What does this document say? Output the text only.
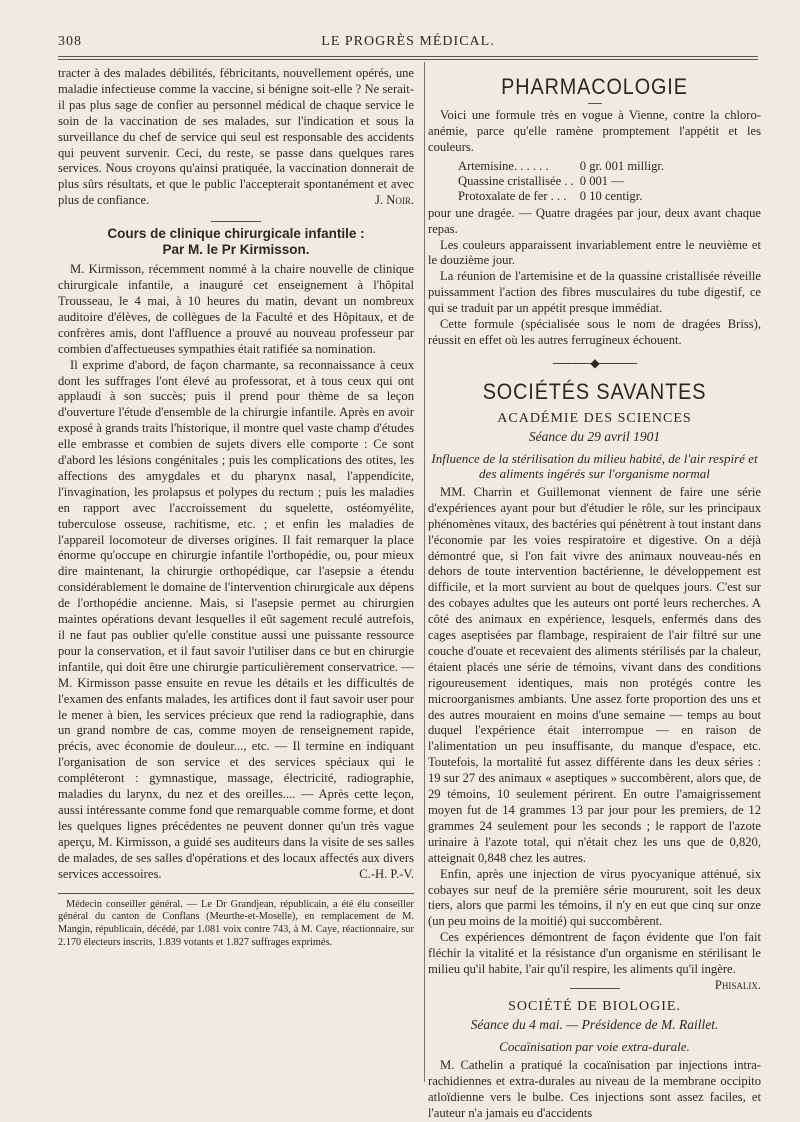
308	LE PROGRÈS MÉDICAL.

tracter à des malades débilités, fébricitants, nouvellement opérés, une maladie infectieuse comme la vaccine, si bénigne soit-elle ? Ne serait-il pas plus sage de confier au personnel médical de chaque service le soin de la vaccination de ses malades, sur l'indication et sous la surveillance du chef de service qui seul est responsable des accidents qui peuvent survenir. Ceci, du reste, se passe dans quelques rares services. Nous croyons qu'ainsi pratiquée, la vaccination donnerait de plus sûrs résultats, et que le public l'accepterait spontanément et avec plus de confiance.	J. Noir.

Cours de clinique chirurgicale infantile :
Par M. le Pr Kirmisson.

M. Kirmisson, récemment nommé à la chaire nouvelle de clinique chirurgicale infantile, a inauguré cet enseignement à l'hôpital Trousseau, le 4 mai, à 10 heures du matin, devant un nombreux auditoire d'élèves, de collègues de la Faculté et des Hôpitaux, et de confrères amis, dont l'affluence a prouvé au nouveau professeur par combien d'affectueuses sympathies était ratifiée sa nomination.

Il exprime d'abord, de façon charmante, sa reconnaissance à ceux dont les suffrages l'ont élevé au professorat, et à tous ceux qui ont applaudi à son succès; puis il prend pour thème de sa leçon d'ouverture l'étude d'ensemble de la chirurgie infantile. Après en avoir exposé à grands traits l'historique, il montre quel vaste champ d'études elle embrasse et combien de sujets divers elle comporte : Ce sont d'abord les lésions congénitales ; puis les complications des otites, les affections des amygdales et du pharynx nasal, l'appendicite, l'invagination, les prolapsus et polypes du rectum ; puis les maladies en rapport avec l'accroissement du squelette, ostéomyélite, tuberculose osseuse, rachitisme, etc. ; et enfin les maladies de l'appareil locomoteur de diverses origines. Il fait remarquer la place énorme qu'occupe en chirurgie infantile l'orthopédie, ou, pour mieux dire maintenant, la chirurgie orthopédique, car l'asepsie a étendu considérablement le domaine de l'intervention chirurgicale aux dépens de l'orthopédie ancienne. Mais, si l'asepsie permet au chirurgien maintes opérations devant lesquelles il eût sagement reculé autrefois, il ne faut pas oublier qu'elle constitue aussi une puissante ressource pour la conservation, et il faut savoir l'utiliser dans ce but en chirurgie infantile, qui doit être une chirurgie particulièrement conservatrice. — M. Kirmisson passe ensuite en revue les détails et les difficultés de l'examen des enfants malades, les artifices dont il faut savoir user pour le mener à bien, les services précieux que rend la radiographie, dans un grand nombre de cas, comme moyen de renseignement rapide, précis, avec économie de douleur..., etc. — Il termine en indiquant l'organisation de son service et des services spéciaux qui le compléteront : gymnastique, massage, électricité, radiographie, maladies du larynx, du nez et des oreilles.... — Après cette leçon, aussi intéressante comme fond que remarquable comme forme, et dont les quelques lignes précédentes ne peuvent donner qu'un très vague aperçu, M. Kirmisson, a guidé ses auditeurs dans la visite de ses salles de malades, de ses salles d'opérations et des locaux affectés aux divers services accessoires.	C.-H. P.-V.

Médecin conseiller général. — Le Dr Grandjean, républicain, a été élu conseiller général du canton de Conflans (Meurthe-et-Moselle), en remplacement de M. Mangin, républicain, décédé, par 1.081 voix contre 743, à M. Caye, réactionnaire, sur 2.170 électeurs inscrits, 1.839 votants et 1.827 suffrages exprimés.

PHARMACOLOGIE

Voici une formule très en vogue à Vienne, contre la chloro-anémie, parce qu'elle ramène promptement l'appétit et les couleurs.

Artemisine. . . . . .	0 gr. 001 milligr.
Quassine cristallisée . .	0 001 —
Protoxalate de fer . . .	0 10 centigr.

pour une dragée. — Quatre dragées par jour, deux avant chaque repas.

Les couleurs apparaissent invariablement entre le neuvième et le douzième jour.

La réunion de l'artemisine et de la quassine cristallisée réveille puissamment l'action des fibres musculaires du tube digestif, ce qui se traduit par un appétit presque immédiat.

Cette formule (spécialisée sous le nom de dragées Briss), réussit en effet où les autres ferrugineux échouent.

─────◆─────
SOCIÉTÉS SAVANTES
ACADÉMIE DES SCIENCES
Séance du 29 avril 1901
Influence de la stérilisation du milieu habité, de l'air respiré et des aliments ingérés sur l'organisme normal

MM. Charrin et Guillemonat viennent de faire une série d'expériences ayant pour but d'étudier le rôle, sur les principaux phénomènes vitaux, des bactéries qui pénètrent à tout instant dans l'économie par les voies respiratoire et digestive. On a déjà démontré que, si l'on fait vivre des animaux nouveau-nés en dehors de toute intervention bactérienne, le développement est difficile, et la mort survient au bout de quelques jours. C'est sur des cobayes adultes que les auteurs ont porté leurs recherches. A côté des animaux en expérience, lesquels, enfermés dans des cages aseptisées par flambage, respiraient de l'air filtré sur une couche d'ouate et recevaient des aliments stérilisés par la chaleur, étaient placés une série de témoins, vivant dans des conditions rigoureusement identiques, mais non protégés contre les microorganismes ambiants. Une assez forte proportion des uns et des autres mouraient en moins d'une semaine — temps au bout duquel l'expérience était interrompue — en raison de l'alimentation un peu insuffisante, du manque d'espace, etc. Toutefois, la mortalité fut assez différente dans les deux séries : 19 sur 27 des animaux « aseptiques » succombèrent, alors que, de 29 témoins, 10 seulement périrent. En outre l'amaigrissement moyen fut de 14 grammes 13 par jour pour les premiers, de 12 grammes 24 seulement pour les seconds ; le rapport de l'azote urinaire à l'azote total, qui n'était chez les uns que de 0,820, atteignait 0,848 chez les autres.

Enfin, après une injection de virus pyocyanique atténué, six cobayes sur neuf de la première série moururent, soit les deux tiers, alors que parmi les témoins, il n'y en eut que cinq sur onze (un peu moins de la moitié) qui succombèrent.

Ces expériences démontrent de façon évidente que l'on fait fléchir la vitalité et la résistance d'un organisme en stérilisant le milieu qu'il habite, l'air qu'il respire, les aliments qu'il ingère.
Phisalix.

SOCIÉTÉ DE BIOLOGIE.
Séance du 4 mai. — Présidence de M. Raillet.
Cocaïnisation par voie extra-durale.

M. Cathelin a pratiqué la cocaïnisation par injections intra-rachidiennes et extra-durales au niveau de la membrane occipito atloïdienne vers le bulbe. Ces injections sont assez faciles, et l'auteur n'a jamais eu d'accidents
